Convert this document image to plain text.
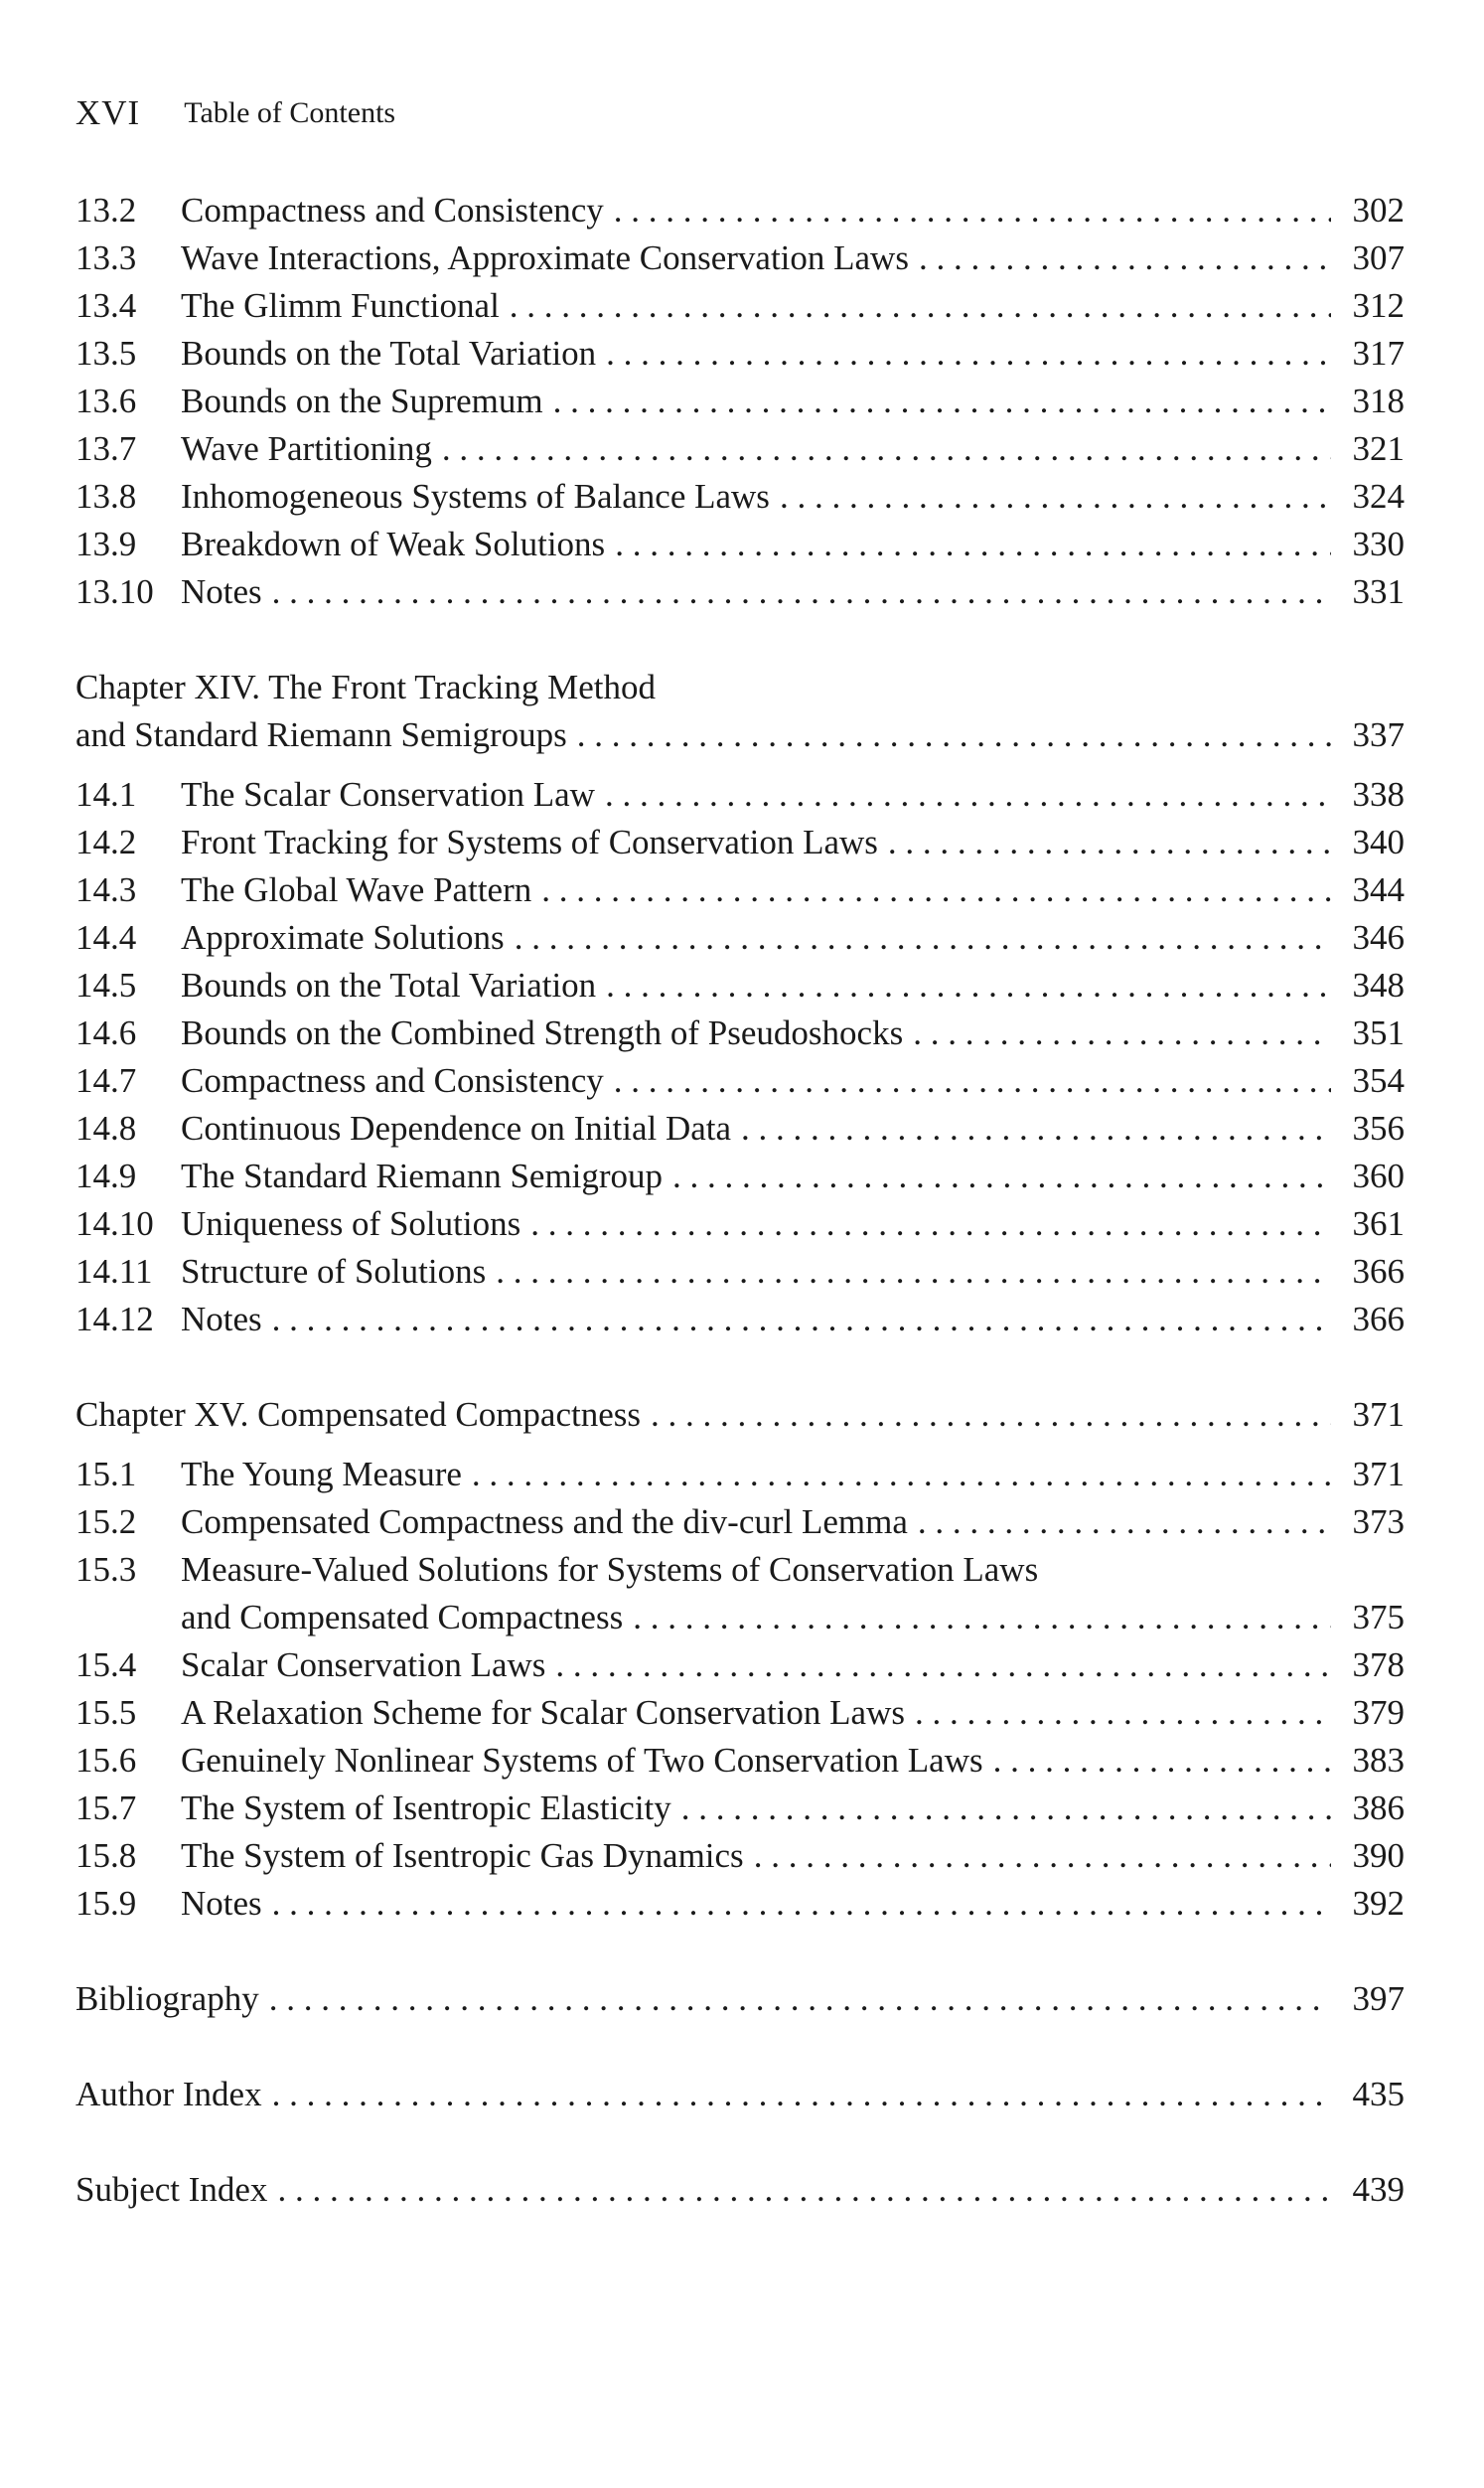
XVI Table of Contents
13.2	Compactness and Consistency . . .	302
13.3	Wave Interactions, Approximate Conservation Laws . . .	307
13.4	The Glimm Functional . . .	312
13.5	Bounds on the Total Variation . . .	317
13.6	Bounds on the Supremum . . .	318
13.7	Wave Partitioning . . .	321
13.8	Inhomogeneous Systems of Balance Laws . . .	324
13.9	Breakdown of Weak Solutions . . .	330
13.10 Notes . . .	331
Chapter XIV. The Front Tracking Method
and Standard Riemann Semigroups . . .	337
14.1	The Scalar Conservation Law . . .	338
14.2	Front Tracking for Systems of Conservation Laws . . .	340
14.3	The Global Wave Pattern . . .	344
14.4	Approximate Solutions . . .	346
14.5	Bounds on the Total Variation . . .	348
14.6	Bounds on the Combined Strength of Pseudoshocks . . .	351
14.7	Compactness and Consistency . . .	354
14.8	Continuous Dependence on Initial Data . . .	356
14.9	The Standard Riemann Semigroup . . .	360
14.10 Uniqueness of Solutions . . .	361
14.11 Structure of Solutions . . .	366
14.12 Notes . . .	366
Chapter XV. Compensated Compactness . . .	371
15.1	The Young Measure . . .	371
15.2	Compensated Compactness and the div-curl Lemma . . .	373
15.3 Measure-Valued Solutions for Systems of Conservation Laws
and Compensated Compactness . . .	375
15.4	Scalar Conservation Laws . . .	378
15.5	A Relaxation Scheme for Scalar Conservation Laws . . .	379
15.6	Genuinely Nonlinear Systems of Two Conservation Laws . . .	383
15.7	The System of Isentropic Elasticity . . .	386
15.8	The System of Isentropic Gas Dynamics . . .	390
15.9	Notes . . .	392
Bibliography . . .	397
Author Index . . .	435
Subject Index . . .	439
